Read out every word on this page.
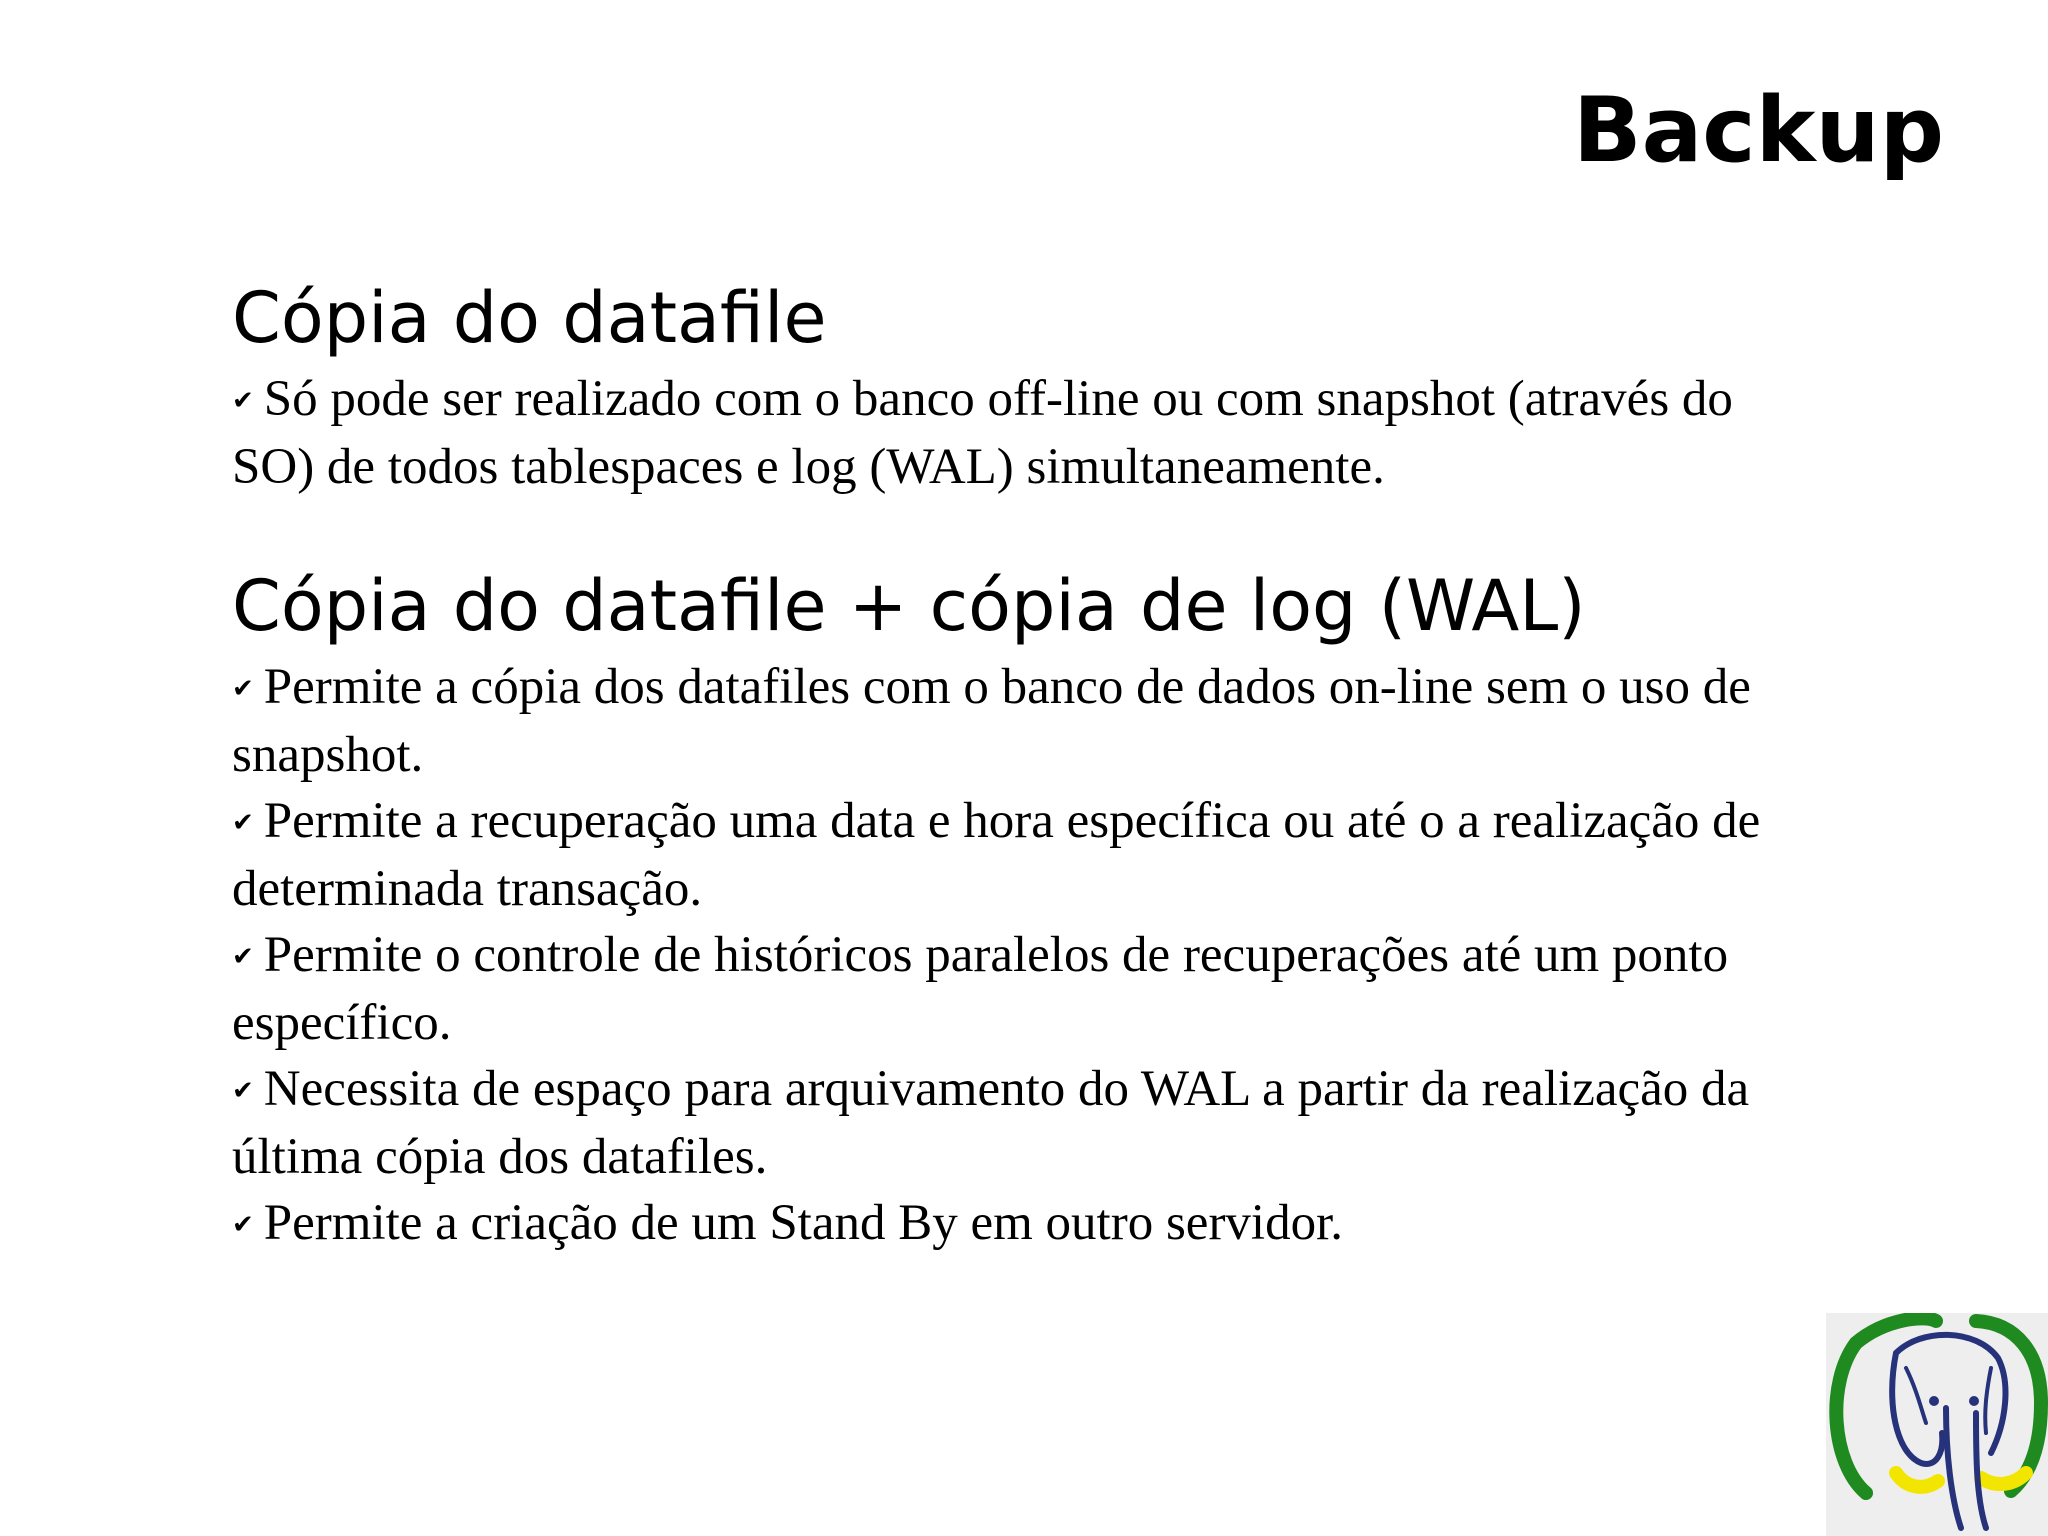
Backup
Cópia do datafile
✔ Só pode ser realizado com o banco off-line ou com snapshot (através do SO) de todos tablespaces e log (WAL) simultaneamente.
Cópia do datafile + cópia de log (WAL)
✔ Permite a cópia dos datafiles com o banco de dados on-line sem o uso de snapshot.
✔ Permite a recuperação uma data e hora específica ou até o a realização de determinada transação.
✔ Permite o controle de históricos paralelos de recuperações até um ponto específico.
✔ Necessita de espaço para arquivamento do WAL a partir da realização da última cópia dos datafiles.
✔ Permite a criação de um Stand By em outro servidor.
